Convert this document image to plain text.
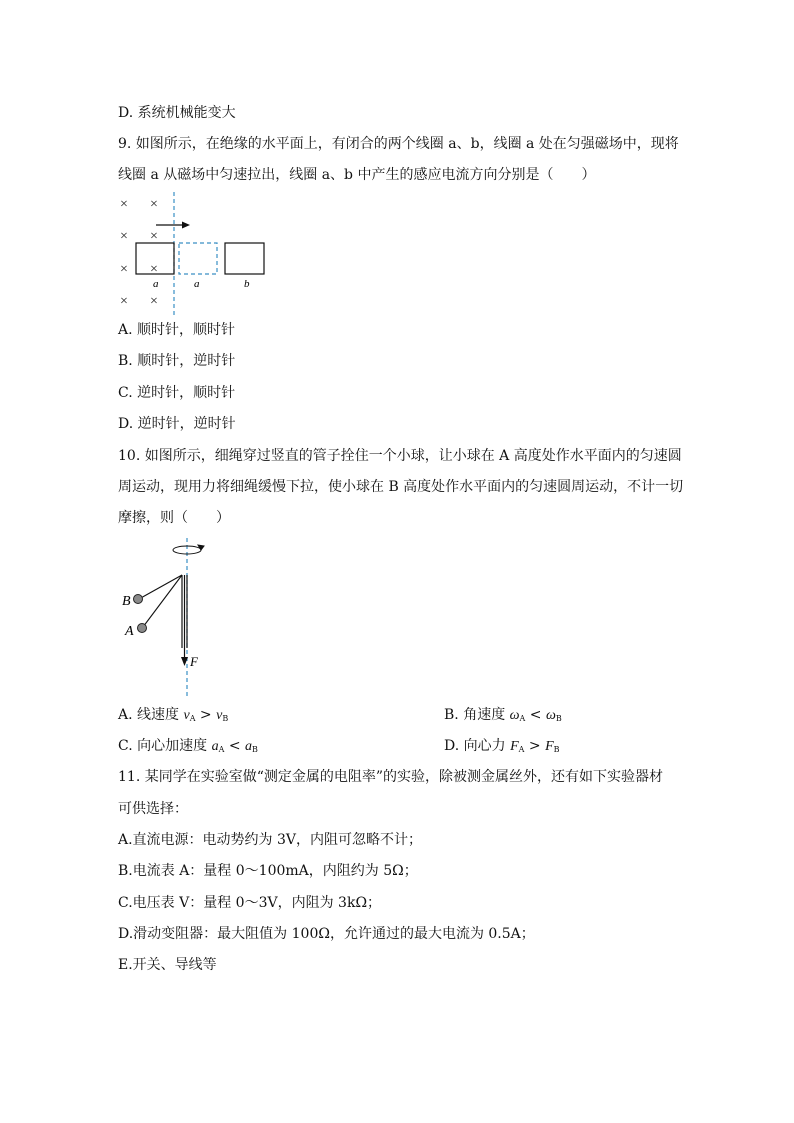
D. 系统机械能变大
9. 如图所示，在绝缘的水平面上，有闭合的两个线圈 a、b，线圈 a 处在匀强磁场中，现将
线圈 a 从磁场中匀速拉出，线圈 a、b 中产生的感应电流方向分别是（　　）
× ×
× ×
× ×
× ×
a	a	b
A. 顺时针，顺时针
B. 顺时针，逆时针
C. 逆时针，顺时针
D. 逆时针，逆时针
10. 如图所示，细绳穿过竖直的管子拴住一个小球，让小球在 A 高度处作水平面内的匀速圆
周运动，现用力将细绳缓慢下拉，使小球在 B 高度处作水平面内的匀速圆周运动，不计一切
摩擦，则（　　）
B
A
F
A. 线速度 $v_A > v_B$	B. 角速度 $\omega_A < \omega_B$
C. 向心加速度 $a_A < a_B$	D. 向心力 $F_A > F_B$
11. 某同学在实验室做“测定金属的电阻率”的实验，除被测金属丝外，还有如下实验器材
可供选择：
A.直流电源：电动势约为 3V，内阻可忽略不计；
B.电流表 A：量程 0～100mA，内阻约为 5Ω；
C.电压表 V：量程 0～3V，内阻为 3kΩ；
D.滑动变阻器：最大阻值为 100Ω，允许通过的最大电流为 0.5A；
E.开关、导线等
